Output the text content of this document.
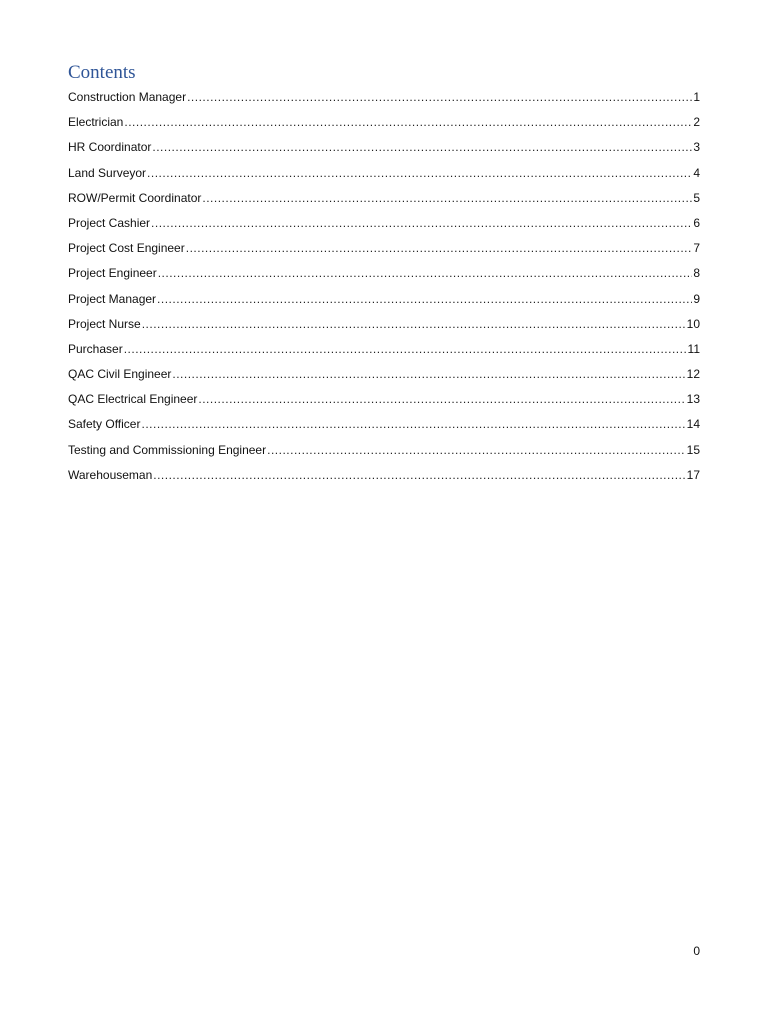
Contents
Construction Manager .....	1
Electrician .....	2
HR Coordinator .....	3
Land Surveyor .....	4
ROW/Permit Coordinator .....	5
Project Cashier .....	6
Project Cost Engineer .....	7
Project Engineer .....	8
Project Manager .....	9
Project Nurse .....	10
Purchaser .....	11
QAC Civil Engineer .....	12
QAC Electrical Engineer .....	13
Safety Officer .....	14
Testing and Commissioning Engineer .....	15
Warehouseman .....	17
0
